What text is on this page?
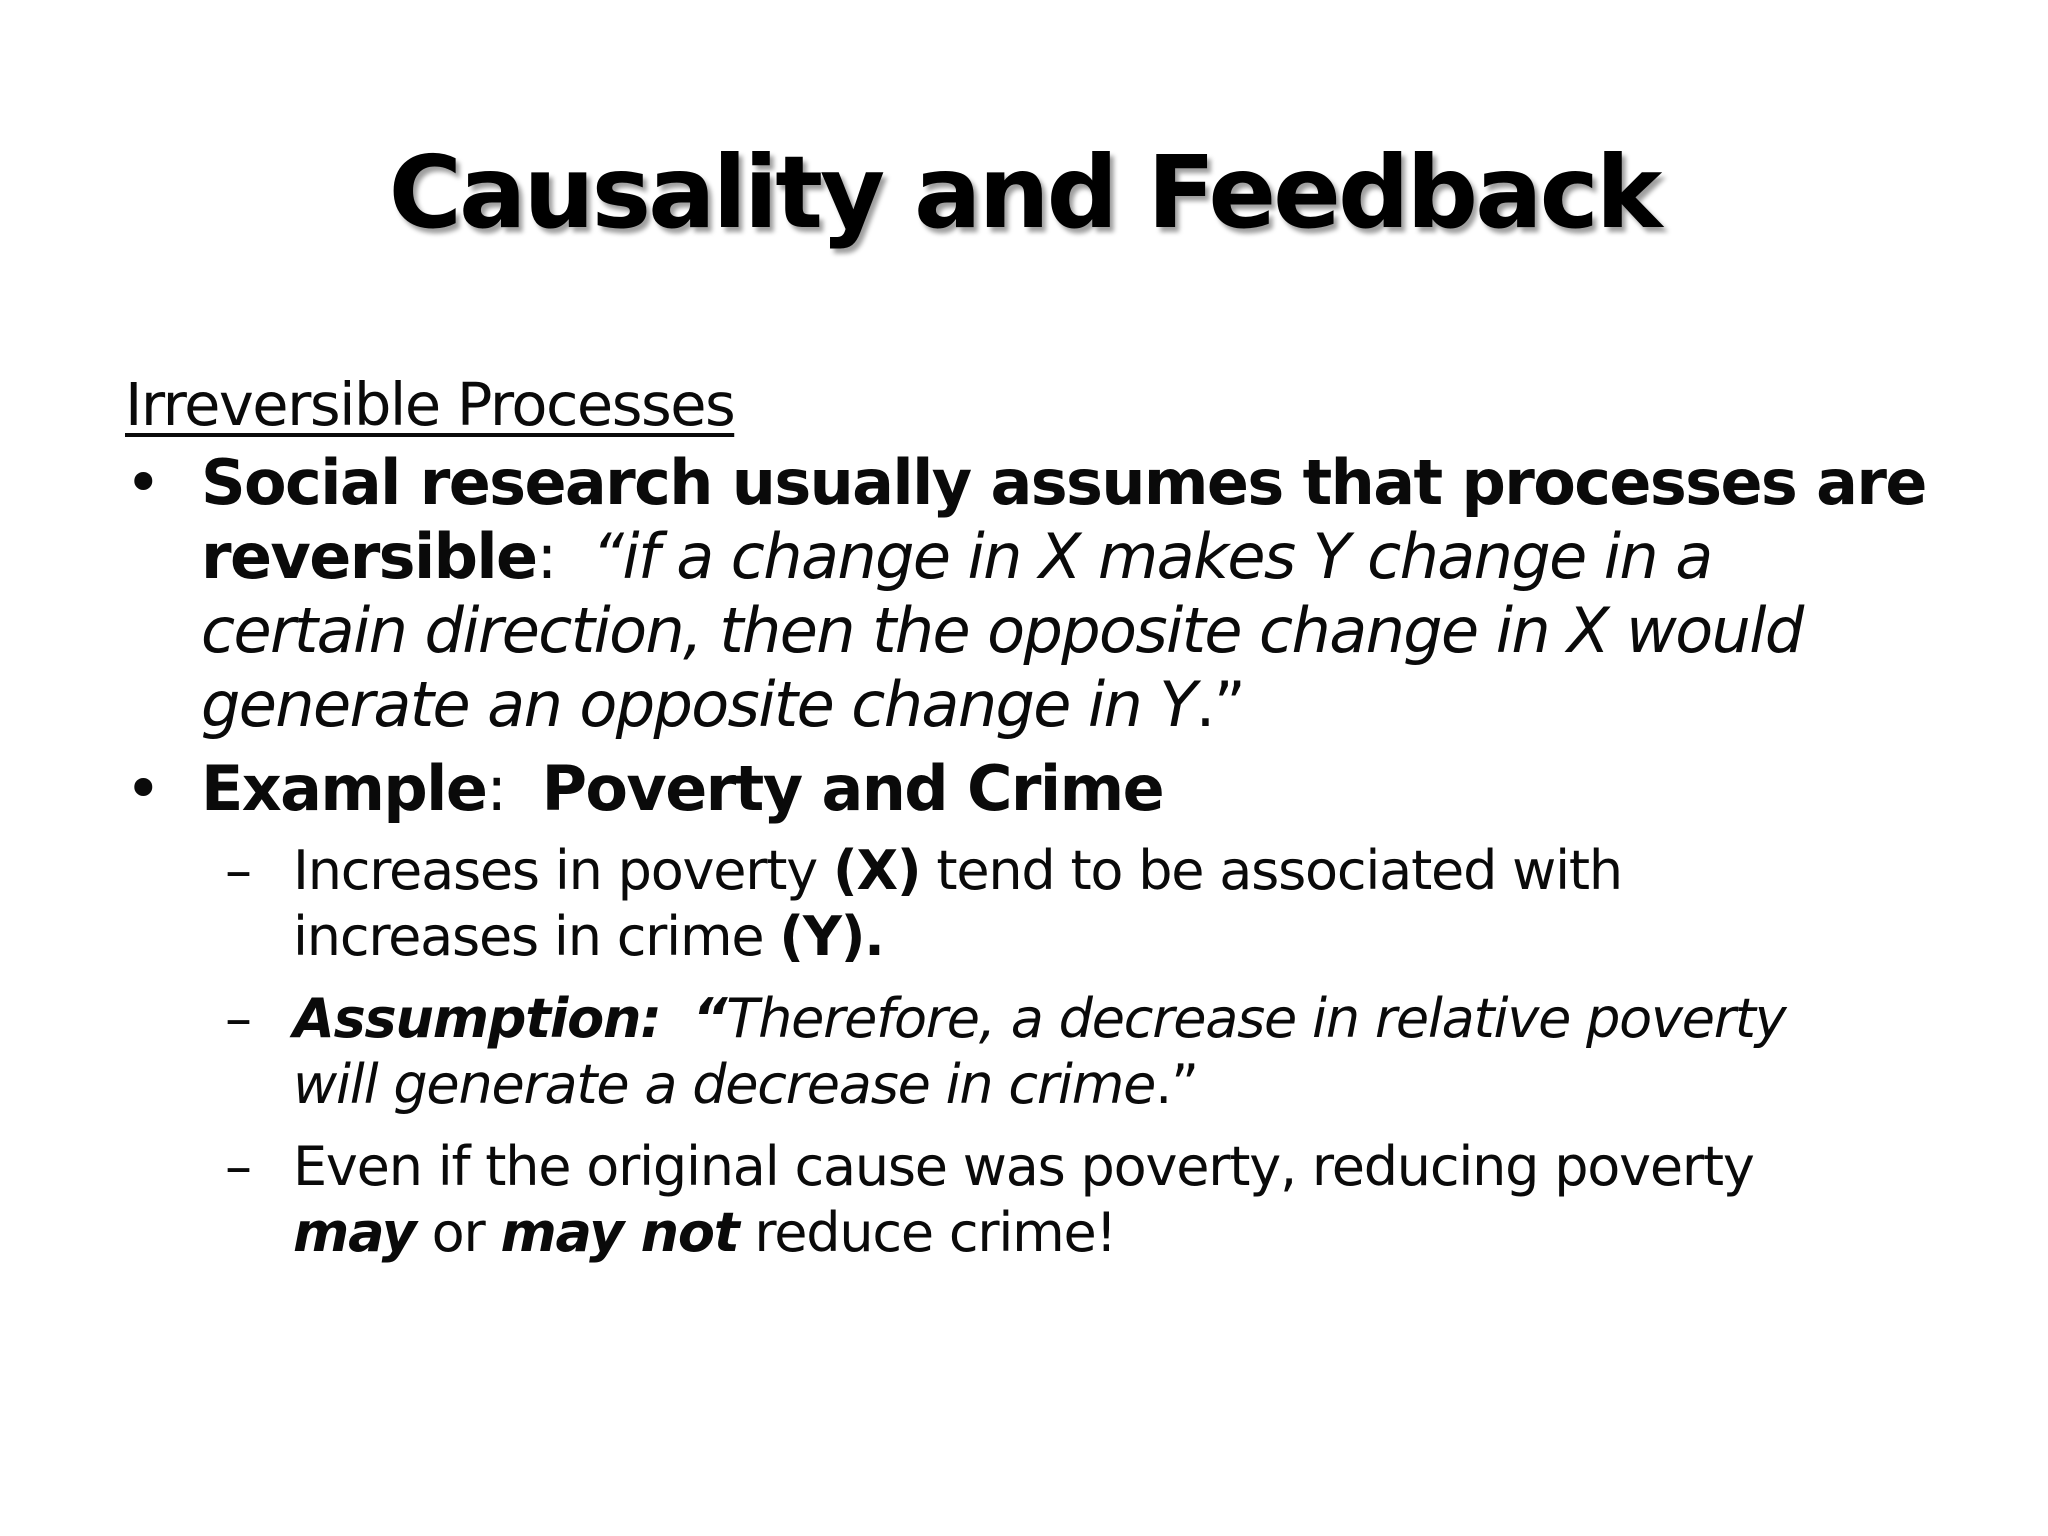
Causality and Feedback

Irreversible Processes

• Social research usually assumes that processes are
reversible: “if a change in X makes Y change in a
certain direction, then the opposite change in X would
generate an opposite change in Y.”
• Example: Poverty and Crime
– Increases in poverty (X) tend to be associated with
increases in crime (Y).
– Assumption: “Therefore, a decrease in relative poverty
will generate a decrease in crime.”
– Even if the original cause was poverty, reducing poverty
may or may not reduce crime!
